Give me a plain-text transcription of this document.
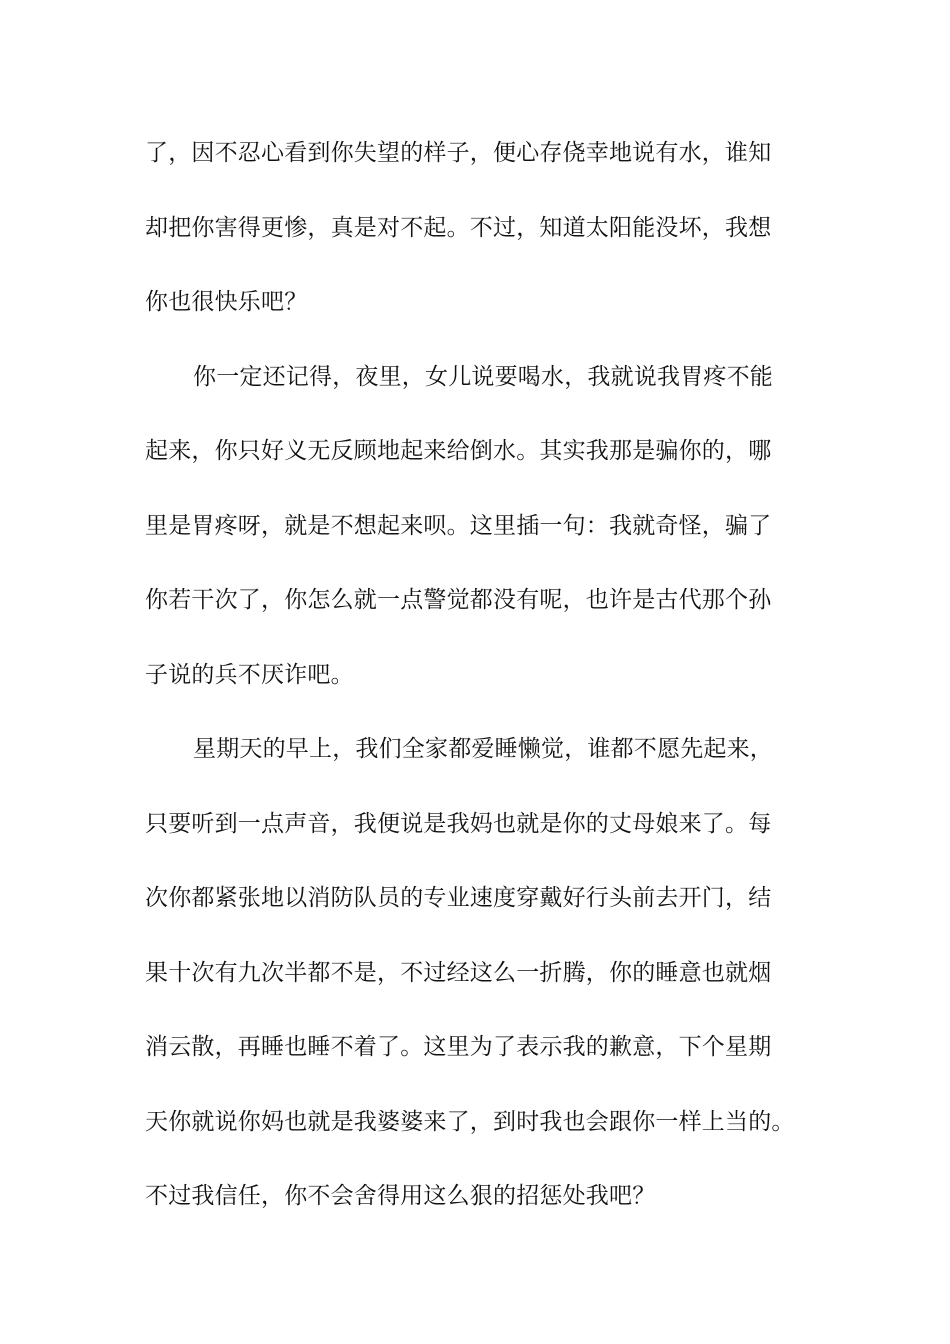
了，因不忍心看到你失望的样子，便心存侥幸地说有水，谁知
却把你害得更惨，真是对不起。不过，知道太阳能没坏，我想
你也很快乐吧？
你一定还记得，夜里，女儿说要喝水，我就说我胃疼不能
起来，你只好义无反顾地起来给倒水。其实我那是骗你的，哪
里是胃疼呀，就是不想起来呗。这里插一句：我就奇怪，骗了
你若干次了，你怎么就一点警觉都没有呢，也许是古代那个孙
子说的兵不厌诈吧。
星期天的早上，我们全家都爱睡懒觉，谁都不愿先起来，
只要听到一点声音，我便说是我妈也就是你的丈母娘来了。每
次你都紧张地以消防队员的专业速度穿戴好行头前去开门，结
果十次有九次半都不是，不过经这么一折腾，你的睡意也就烟
消云散，再睡也睡不着了。这里为了表示我的歉意，下个星期
天你就说你妈也就是我婆婆来了，到时我也会跟你一样上当的。
不过我信任，你不会舍得用这么狠的招惩处我吧？
